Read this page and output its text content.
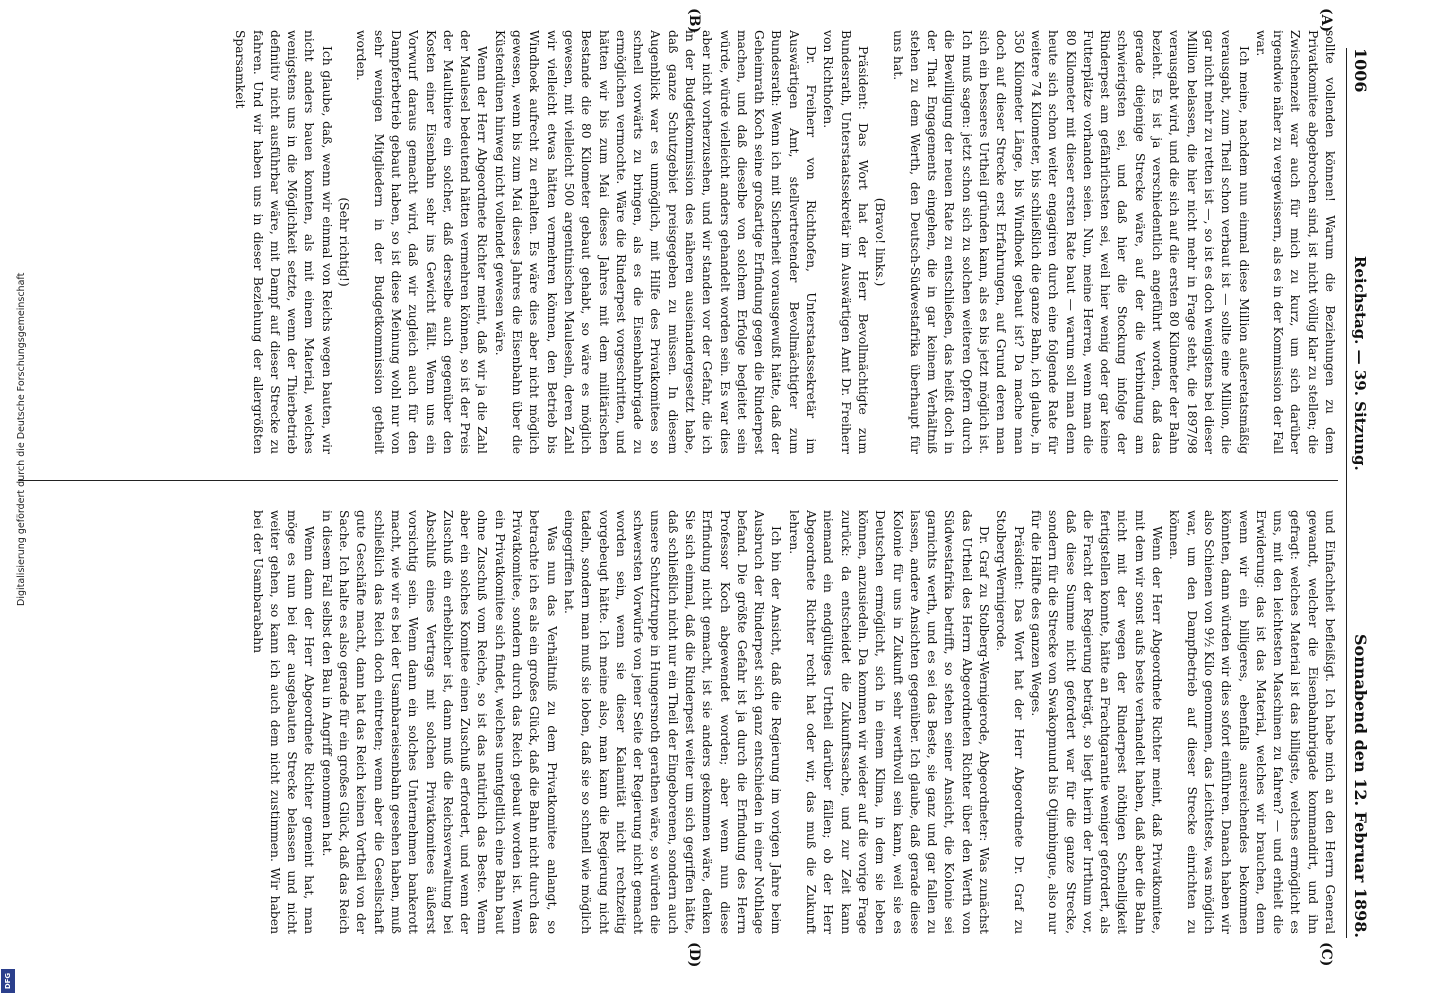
1006
Reichstag. — 39. Sitzung.
Sonnabend den 12. Februar 1898.
(A)
(B)
(C)
(D)

sollte vollenden können! Warum die Beziehungen zu dem Privatkomitee abgebrochen sind, ist nicht völlig klar zu stellen; die Zwischenzeit war auch für mich zu kurz, um sich darüber irgendwie näher zu vergewissern, als es in der Kommission der Fall war.

Ich meine, nachdem nun einmal diese Million außeretatsmäßig verausgabt, zum Theil schon verbaut ist — sollte eine Million, die gar nicht mehr zu retten ist —, so ist es doch wenigstens bei dieser Million belassen, die hier nicht mehr in Frage steht, die 1897/98 verausgabt wird, und die sich auf die ersten 80 Kilometer der Bahn bezieht. Es ist ja verschiedentlich angeführt worden, daß das gerade diejenige Strecke wäre, auf der die Verbindung am schwierigsten sei, und daß hier die Stockung infolge der Rinderpest am gefährlichsten sei, weil hier wenig oder gar keine Futterplätze vorhanden seien. Nun, meine Herren, wenn man die 80 Kilometer mit dieser ersten Rate baut — warum soll man denn heute sich schon weiter engagiren durch eine folgende Rate für weitere 74 Kilometer, bis schließlich die ganze Bahn, ich glaube, in 350 Kilometer Länge, bis Windhoek gebaut ist? Da mache man doch auf dieser Strecke erst Erfahrungen, auf Grund deren man sich ein besseres Urtheil gründen kann, als es bis jetzt möglich ist. Ich muß sagen: jetzt schon sich zu solchen weiteren Opfern durch die Bewilligung der neuen Rate zu entschließen, das heißt doch in der That Engagements eingehen, die in gar keinem Verhältniß stehen zu dem Werth, den Deutsch-Südwestafrika überhaupt für uns hat.

(Bravo! links.)

Präsident: Das Wort hat der Herr Bevollmächtigte zum Bundesrath, Unterstaatssekretär im Auswärtigen Amt Dr. Freiherr von Richthofen.

Dr. Freiherr von Richthofen, Unterstaatssekretär im Auswärtigen Amt, stellvertretender Bevollmächtigter zum Bundesrath: Wenn ich mit Sicherheit vorausgewußt hätte, daß der Geheimrath Koch seine großartige Erfindung gegen die Rinderpest machen, und daß dieselbe von solchem Erfolge begleitet sein würde, würde vielleicht anders gehandelt worden sein. Es war dies aber nicht vorherzusehen, und wir standen vor der Gefahr, die ich in der Budgetkommission des näheren auseinandergesetzt habe, daß ganze Schutzgebiet preisgegeben zu müssen. In diesem Augenblick war es unmöglich, mit Hilfe des Privatkomitees so schnell vorwärts zu bringen, als es die Eisenbahnbrigade zu ermöglichen vermochte. Wäre die Rinderpest vorgeschritten, und hätten wir bis zum Mai dieses Jahres mit dem militärischen Bestande die 80 Kilometer gebaut gehabt, so wäre es möglich gewesen, mit vielleicht 500 argentinischen Mauleseln, deren Zahl wir vielleicht etwas hätten vermehren können, den Betrieb bis Windhoek aufrecht zu erhalten. Es wäre dies aber nicht möglich gewesen, wenn bis zum Mai dieses Jahres die Eisenbahn über die Küstendünen hinweg nicht vollendet gewesen wäre.

Wenn der Herr Abgeordnete Richter meint, daß wir ja die Zahl der Maulesel bedeutend hätten vermehren können, so ist der Preis der Maulthiere ein solcher, daß derselbe auch gegenüber den Kosten einer Eisenbahn sehr ins Gewicht fällt. Wenn uns ein Vorwurf daraus gemacht wird, daß wir zugleich auch für den Dampferbetrieb gebaut haben, so ist diese Meinung wohl nur von sehr wenigen Mitgliedern in der Budgetkommission getheilt worden.

(Sehr richtig!)

Ich glaube, daß, wenn wir einmal von Reichs wegen bauten, wir nicht anders bauen konnten, als mit einem Material, welches wenigstens uns in die Möglichkeit setzte, wenn der Thierbetrieb definitiv nicht ausführbar wäre, mit Dampf auf dieser Strecke zu fahren. Und wir haben uns in dieser Beziehung der allergrößten Sparsamkeit

und Einfachheit befleißigt. Ich habe mich an den Herrn General gewandt, welcher die Eisenbahnbrigade kommandirt, und ihn gefragt: welches Material ist das billigste, welches ermöglicht es uns, mit den leichtesten Maschinen zu fahren? — und erhielt die Erwiderung: das ist das Material, welches wir brauchen, denn wenn wir ein billigeres, ebenfalls ausreichendes bekommen könnten, dann würden wir dies sofort einführen. Danach haben wir also Schienen von 9½ Kilo genommen, das Leichteste, was möglich war, um den Dampfbetrieb auf dieser Strecke einrichten zu können.

Wenn der Herr Abgeordnete Richter meint, daß Privatkomitee, mit dem wir sonst aufs beste verhandelt haben, daß aber die Bahn nicht mit der wegen der Rinderpest nöthigen Schnelligkeit fertigstellen konnte, hätte an Frachtgarantie weniger gefordert, als die Fracht der Regierung beträgt, so liegt hierin der Irrthum vor, daß diese Summe nicht gefordert war für die ganze Strecke, sondern für die Strecke von Swakopmund bis Otjimbingue, also nur für die Hälfte des ganzen Weges.

Präsident: Das Wort hat der Herr Abgeordnete Dr. Graf zu Stolberg-Wernigerode.

Dr. Graf zu Stolberg-Wernigerode, Abgeordneter: Was zunächst das Urtheil des Herrn Abgeordneten Richter über den Werth von Südwestafrika betrifft, so stehen seiner Ansicht, die Kolonie sei garnichts werth, und es sei das Beste, sie ganz und gar fallen zu lassen, andere Ansichten gegenüber. Ich glaube, daß gerade diese Kolonie für uns in Zukunft sehr werthvoll sein kann, weil sie es Deutschen ermöglicht, sich in einem Klima, in dem sie leben können, anzusiedeln. Da kommen wir wieder auf die vorige Frage zurück: da entscheidet die Zukunftssache, und zur Zeit kann niemand ein endgültiges Urtheil darüber fällen; ob der Herr Abgeordnete Richter recht hat oder wir, das muß die Zukunft lehren.

Ich bin der Ansicht, daß die Regierung im vorigen Jahre beim Ausbruch der Rinderpest sich ganz entschieden in einer Nothlage befand. Die größte Gefahr ist ja durch die Erfindung des Herrn Professor Koch abgewendet worden; aber wenn nun diese Erfindung nicht gemacht, ist sie anders gekommen wäre, denken Sie sich einmal, daß die Rinderpest weiter um sich gegriffen hätte, daß schließlich nicht nur ein Theil der Eingeborenen, sondern auch unsere Schutztruppe in Hungersnoth gerathen wäre, so würden die schwersten Vorwürfe von jener Seite der Regierung nicht gemacht worden sein, wenn sie dieser Kalamität nicht rechtzeitig vorgebeugt hätte. Ich meine also, man kann die Regierung nicht tadeln, sondern man muß sie loben, daß sie so schnell wie möglich eingegriffen hat.

Was nun das Verhältniß zu dem Privatkomitee anlangt, so betrachte ich es als ein großes Glück, daß die Bahn nicht durch das Privatkomitee, sondern durch das Reich gebaut worden ist. Wenn ein Privatkomitee sich findet, welches unentgeltlich eine Bahn baut ohne Zuschuß vom Reiche, so ist das natürlich das Beste. Wenn aber ein solches Komitee einen Zuschuß erfordert, und wenn der Zuschuß ein erheblicher ist, dann muß die Reichsverwaltung bei Abschluß eines Vertrags mit solchen Privatkomitees äußerst vorsichtig sein. Wenn dann ein solches Unternehmen bankerott macht, wie wir es bei der Usambaraeisenbahn gesehen haben, muß schließlich das Reich doch eintreten; wenn aber die Gesellschaft gute Geschäfte macht, dann hat das Reich keinen Vortheil von der Sache. Ich halte es also gerade für ein großes Glück, daß das Reich in diesem Fall selbst den Bau in Angriff genommen hat.

Wenn dann der Herr Abgeordnete Richter gemeint hat, man möge es nun bei der ausgebauten Strecke belassen und nicht weiter gehen, so kann ich auch dem nicht zustimmen. Wir haben bei der Usambarabahn

Digitalisierung gefördert durch die Deutsche Forschungsgemeinschaft
DFG
